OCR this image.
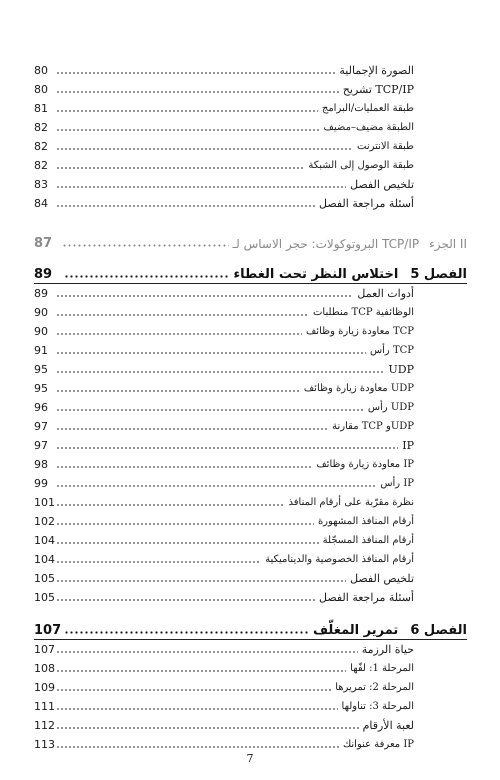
الصورة الإجمالية
80
تشريح TCP/IP
80
طبقة العمليات/البرامج
81
الطبقة مضيف–مضيف
82
طبقة الانترنت
82
طبقة الوصول إلى الشبكة
82
تلخيص الفصل
83
أسئلة مراجعة الفصل
84
الجزء II
البروتوكولات: حجر الاساس لـ TCP/IP
87
الفصل 5
اختلاس النظر تحت الغطاء
89
أدوات العمل
89
منطلبات TCP الوظائفية
90
معاودة زيارة وظائف TCP
90
رأس TCP
91
UDP
95
معاودة زيارة وظائف UDP
95
رأس UDP
96
مقارنة TCP وUDP
97
IP
97
معاودة زيارة وظائف IP
98
رأس IP
99
نظرة مقرّبة على أرقام المنافذ
101
أرقام المنافذ المشهورة
102
أرقام المنافذ المسجّلة
104
أرقام المنافذ الخصوصية والديناميكية
104
تلخيص الفصل
105
أسئلة مراجعة الفصل
105
الفصل 6
تمرير المغلّف
107
حياة الرزمة
107
المرحلة 1: لفّها
108
المرحلة 2: تمريرها
109
المرحلة 3: تناولها
111
لعبة الأرقام
112
معرفة عنوانك IP
113
7
